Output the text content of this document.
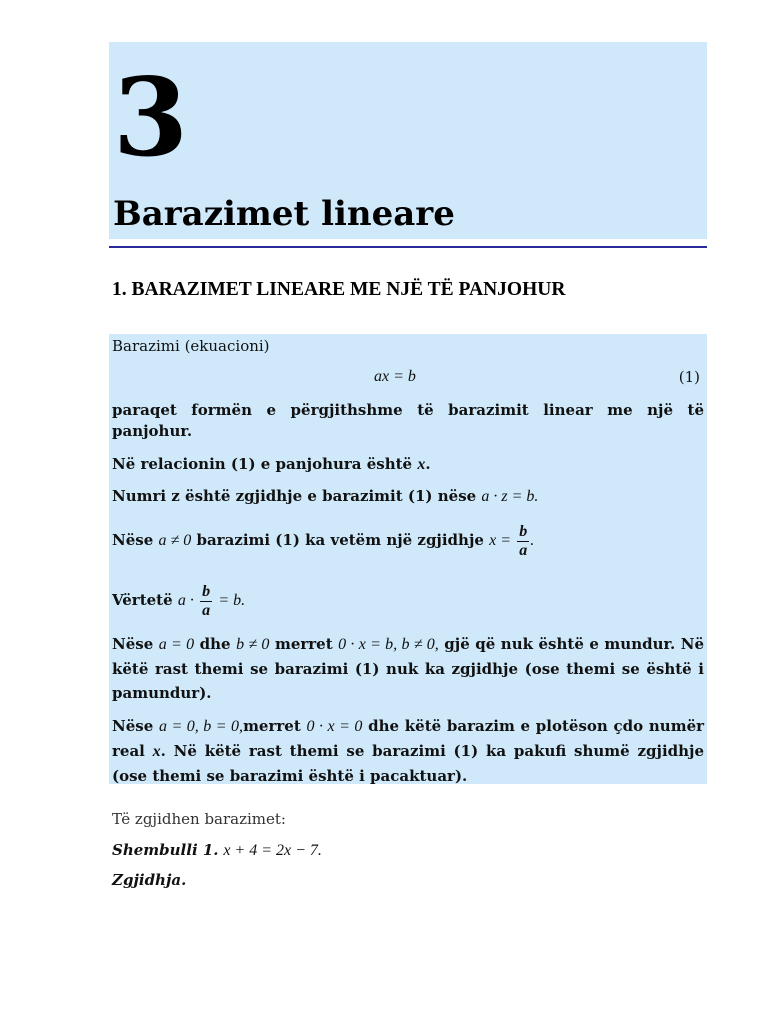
3
Barazimet lineare
1. BARAZIMET LINEARE ME NJË TË PANJOHUR
Barazimi (ekuacioni)
ax = b	(1)
paraqet formën e përgjithshme të barazimit linear me një të panjohur.
Në relacionin (1) e panjohura është x.
Numri z është zgjidhje e barazimit (1) nëse a · z = b.
Nëse a ≠ 0 barazimi (1) ka vetëm një zgjidhje $x = \frac{b}{a}$ .
Vërtetë $a \cdot \frac{b}{a} = b$.
Nëse a = 0 dhe b ≠ 0 merret 0 · x = b, b ≠ 0, gjë që nuk është e mundur. Në këtë rast themi se barazimi (1) nuk ka zgjidhje (ose themi se është i pamundur).
Nëse a = 0, b = 0,merret 0 · x = 0 dhe këtë barazim e plotëson çdo numër real x. Në këtë rast themi se barazimi (1) ka pakufi shumë zgjidhje (ose themi se barazimi është i pacaktuar).
Të zgjidhen barazimet:
Shembulli 1. x + 4 = 2x − 7.
Zgjidhja.
